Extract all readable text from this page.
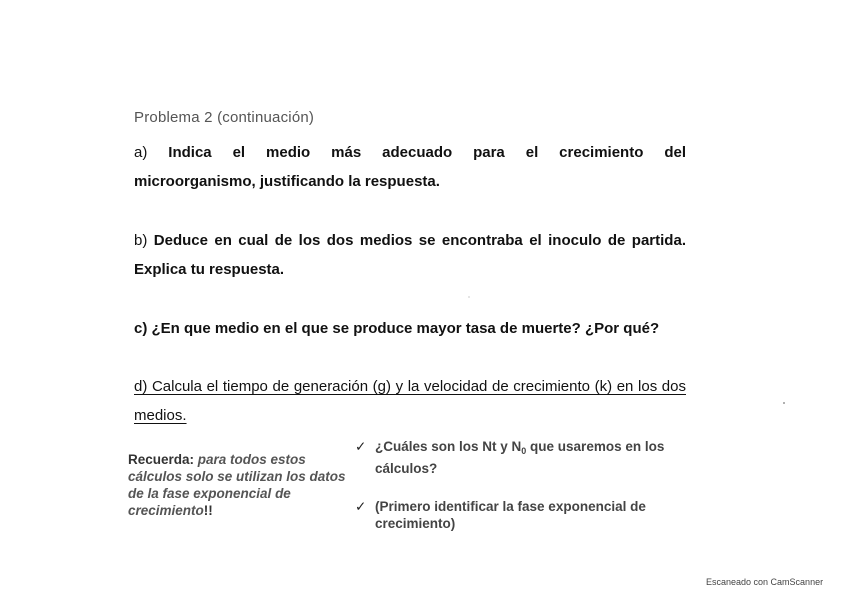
Problema 2 (continuación)
a) Indica el medio más adecuado para el crecimiento del
microorganismo, justificando la respuesta.
b) Deduce en cual de los dos medios se encontraba el inoculo de partida. Explica tu respuesta.
c) ¿En que medio en el que se produce mayor tasa de muerte? ¿Por qué?
d) Calcula el tiempo de generación (g) y la velocidad de crecimiento (k) en los dos medios.
Recuerda: para todos estos cálculos solo se utilizan los datos de la fase exponencial de crecimiento!!
✓ ¿Cuáles son los Nt y $N_0$ que usaremos en los cálculos?
✓ (Primero identificar la fase exponencial de crecimiento)
Escaneado con CamScanner
